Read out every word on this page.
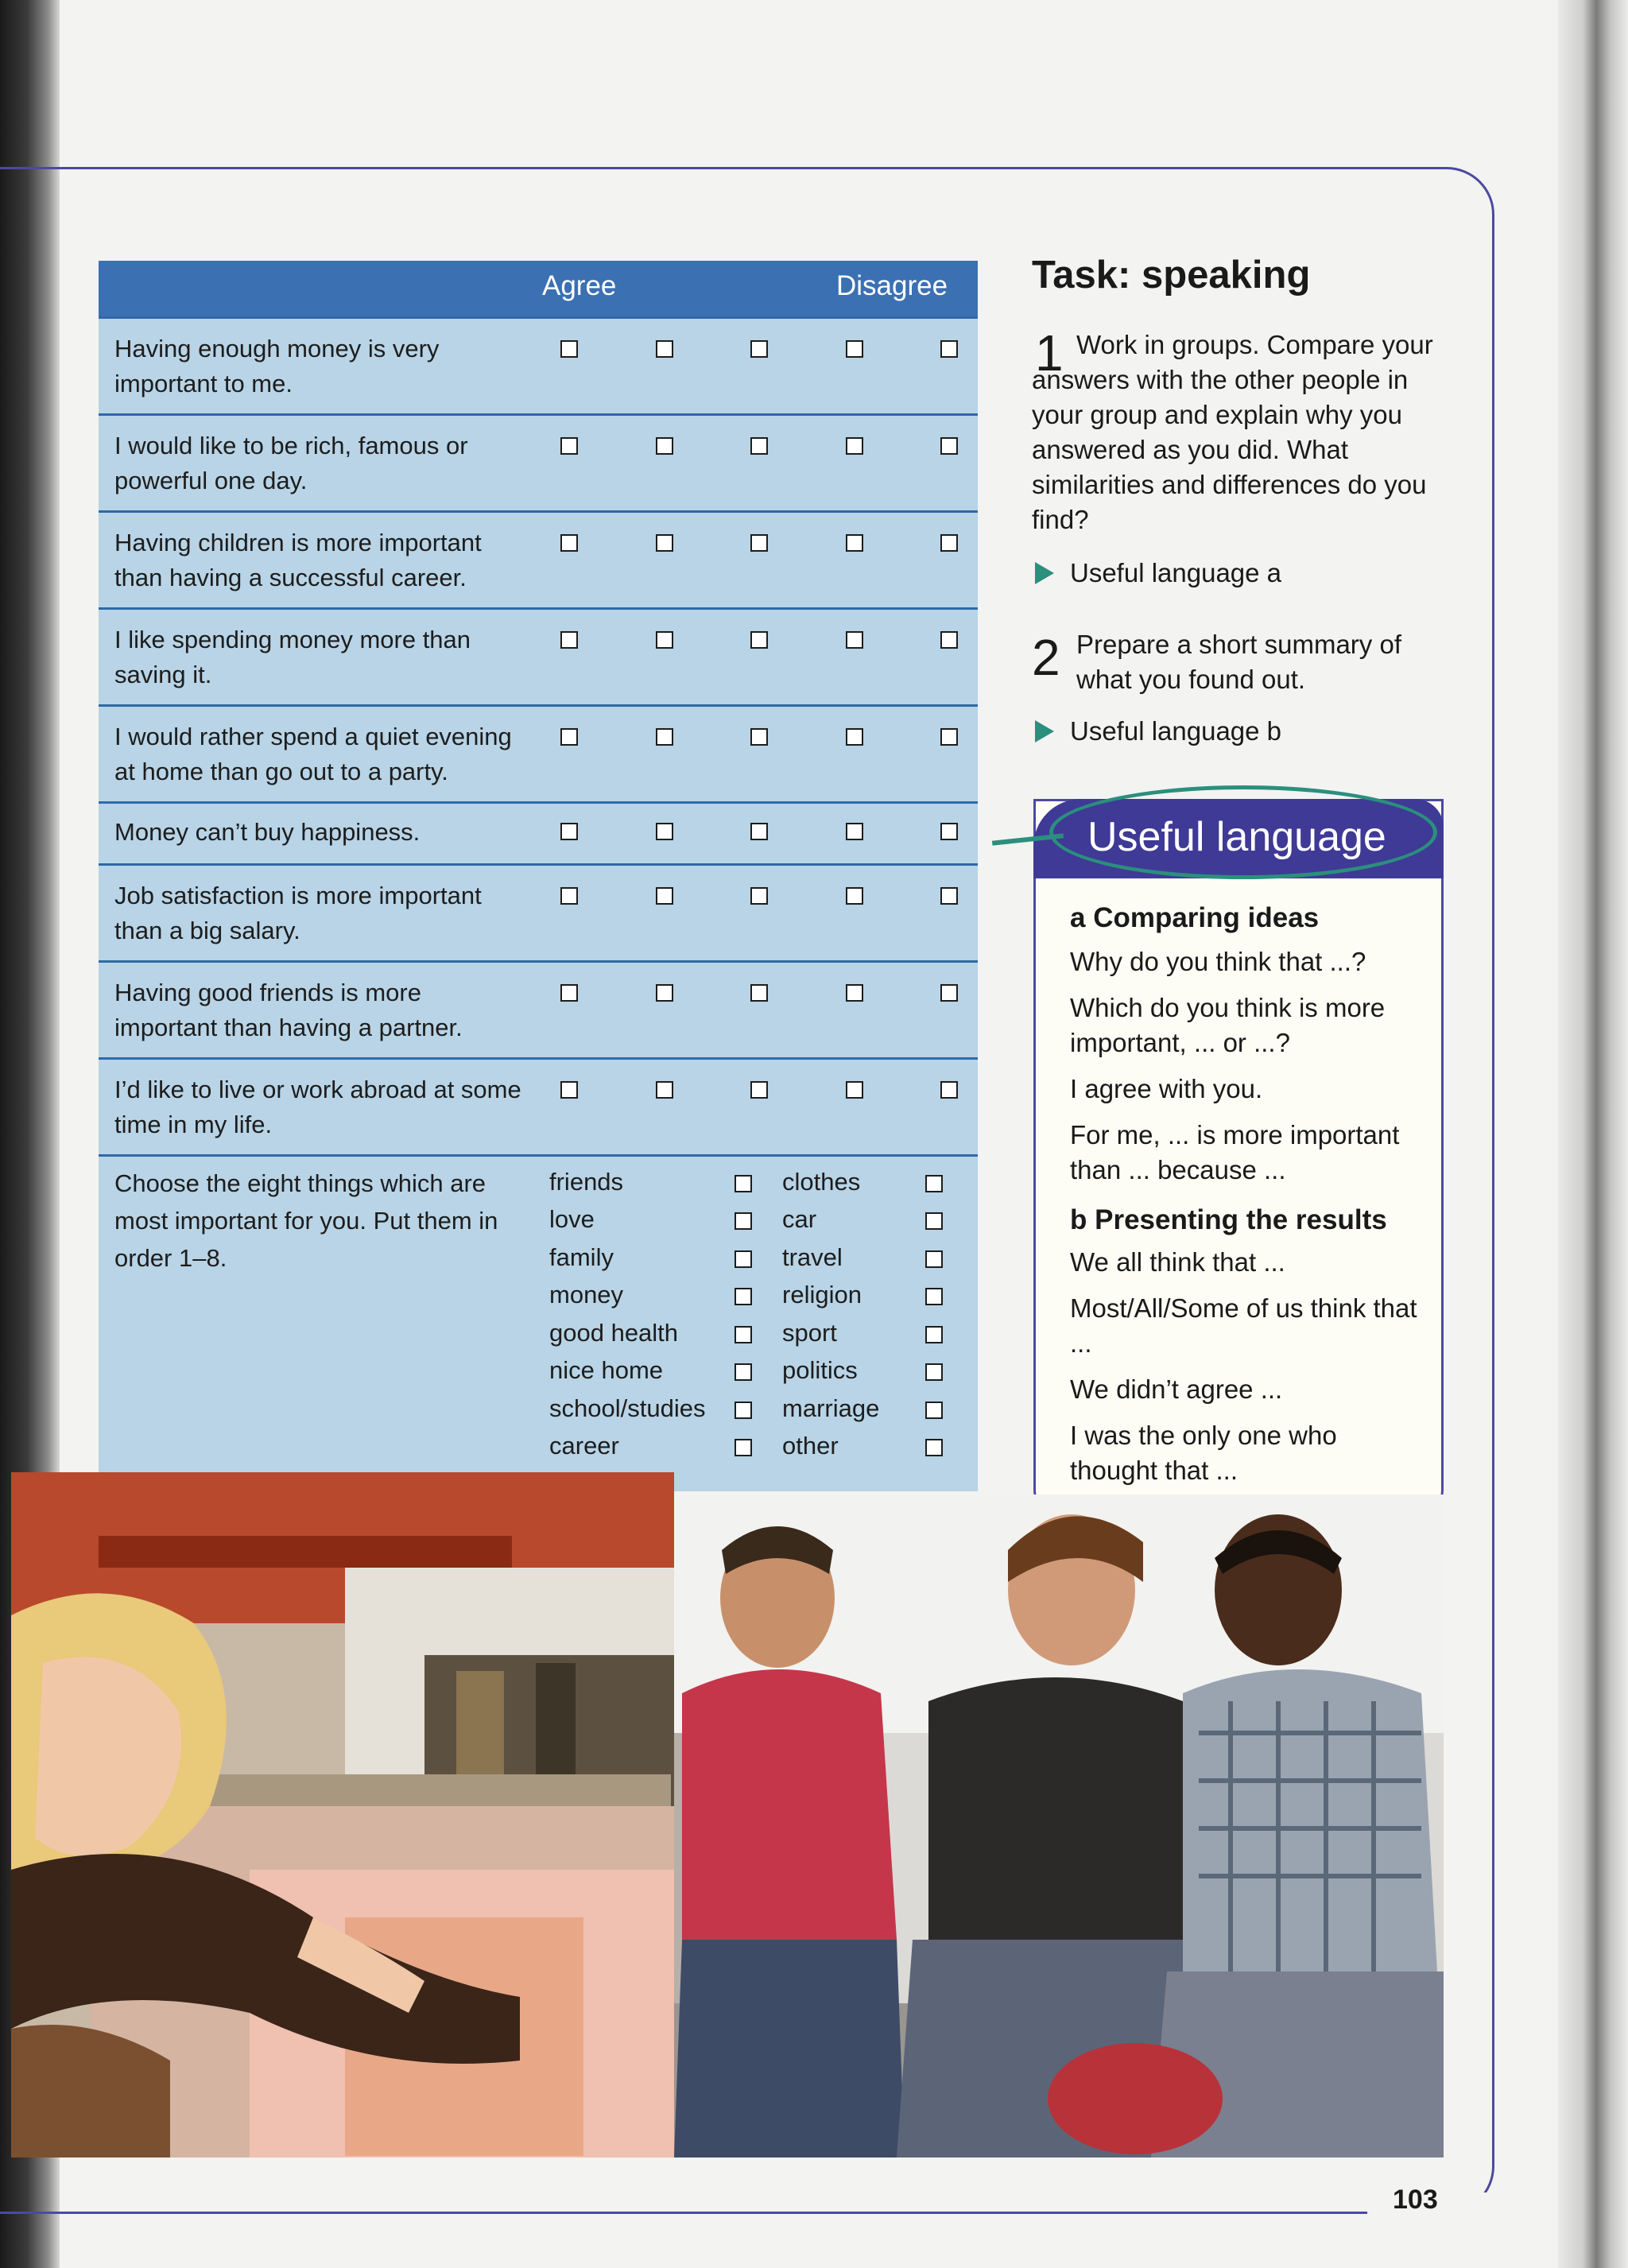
103
Agree	Disagree
Having enough money is very important to me.
I would like to be rich, famous or powerful one day.
Having children is more important than having a successful career.
I like spending money more than saving it.
I would rather spend a quiet evening at home than go out to a party.
Money can’t buy happiness.
Job satisfaction is more important than a big salary.
Having good friends is more important than having a partner.
I’d like to live or work abroad at some time in my life.
Choose the eight things which are most important for you. Put them in order 1–8.
friends
love
family
money
good health
nice home
school/studies
career
clothes
car
travel
religion
sport
politics
marriage
other
Task: speaking
1 Work in groups. Compare your answers with the other people in your group and explain why you answered as you did. What similarities and differences do you find?
Useful language a
2 Prepare a short summary of what you found out.
Useful language b
Useful language
a Comparing ideas
Why do you think that ...?
Which do you think is more important, ... or ...?
I agree with you.
For me, ... is more important than ... because ...
b Presenting the results
We all think that ...
Most/All/Some of us think that ...
We didn’t agree ...
I was the only one who thought that ...
